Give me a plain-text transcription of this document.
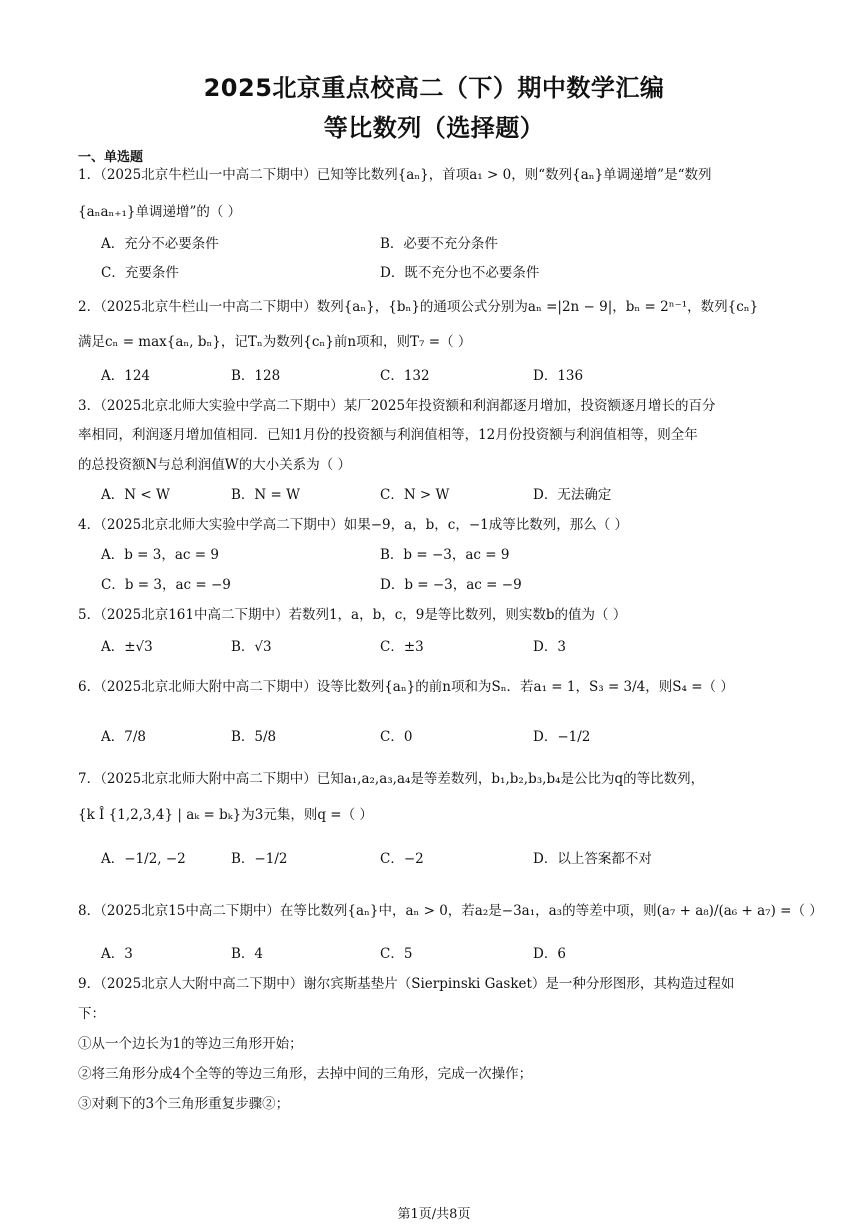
2025北京重点校高二（下）期中数学汇编
等比数列（选择题）
一、单选题
1．（2025北京牛栏山一中高二下期中）已知等比数列{aₙ}，首项a₁ > 0，则“数列{aₙ}单调递增”是“数列
{aₙaₙ₊₁}单调递增”的（ ）
A．充分不必要条件	B．必要不充分条件
C．充要条件	D．既不充分也不必要条件
2．（2025北京牛栏山一中高二下期中）数列{aₙ}，{bₙ}的通项公式分别为aₙ =|2n − 9|，bₙ = 2ⁿ⁻¹，数列{cₙ}
满足cₙ = max{aₙ, bₙ}，记Tₙ为数列{cₙ}前n项和，则T₇ =（ ）
A．124	B．128	C．132	D．136
3．（2025北京北师大实验中学高二下期中）某厂2025年投资额和利润都逐月增加，投资额逐月增长的百分
率相同，利润逐月增加值相同．已知1月份的投资额与利润值相等，12月份投资额与利润值相等，则全年
的总投资额N与总利润值W的大小关系为（ ）
A．N < W	B．N = W	C．N > W	D．无法确定
4．（2025北京北师大实验中学高二下期中）如果−9，a，b，c，−1成等比数列，那么（ ）
A．b = 3，ac = 9	B．b = −3，ac = 9
C．b = 3，ac = −9	D．b = −3，ac = −9
5．（2025北京161中高二下期中）若数列1，a，b，c，9是等比数列，则实数b的值为（ ）
A．±√3	B．√3	C．±3	D．3
6．（2025北京北师大附中高二下期中）设等比数列{aₙ}的前n项和为Sₙ．若a₁ = 1，S₃ = 3/4，则S₄ =（ ）
A．7/8	B．5/8	C．0	D．−1/2
7．（2025北京北师大附中高二下期中）已知a₁,a₂,a₃,a₄是等差数列，b₁,b₂,b₃,b₄是公比为q的等比数列，
{k Î {1,2,3,4} | aₖ = bₖ}为3元集，则q =（ ）
A．−1/2, −2	B．−1/2	C．−2	D．以上答案都不对
8．（2025北京15中高二下期中）在等比数列{aₙ}中，aₙ > 0，若a₂是−3a₁，a₃的等差中项，则(a₇ + a₈)/(a₆ + a₇) =（ ）
A．3	B．4	C．5	D．6
9．（2025北京人大附中高二下期中）谢尔宾斯基垫片（Sierpinski Gasket）是一种分形图形，其构造过程如
下：
①从一个边长为1的等边三角形开始；
②将三角形分成4个全等的等边三角形，去掉中间的三角形，完成一次操作；
③对剩下的3个三角形重复步骤②；
第1页/共8页
